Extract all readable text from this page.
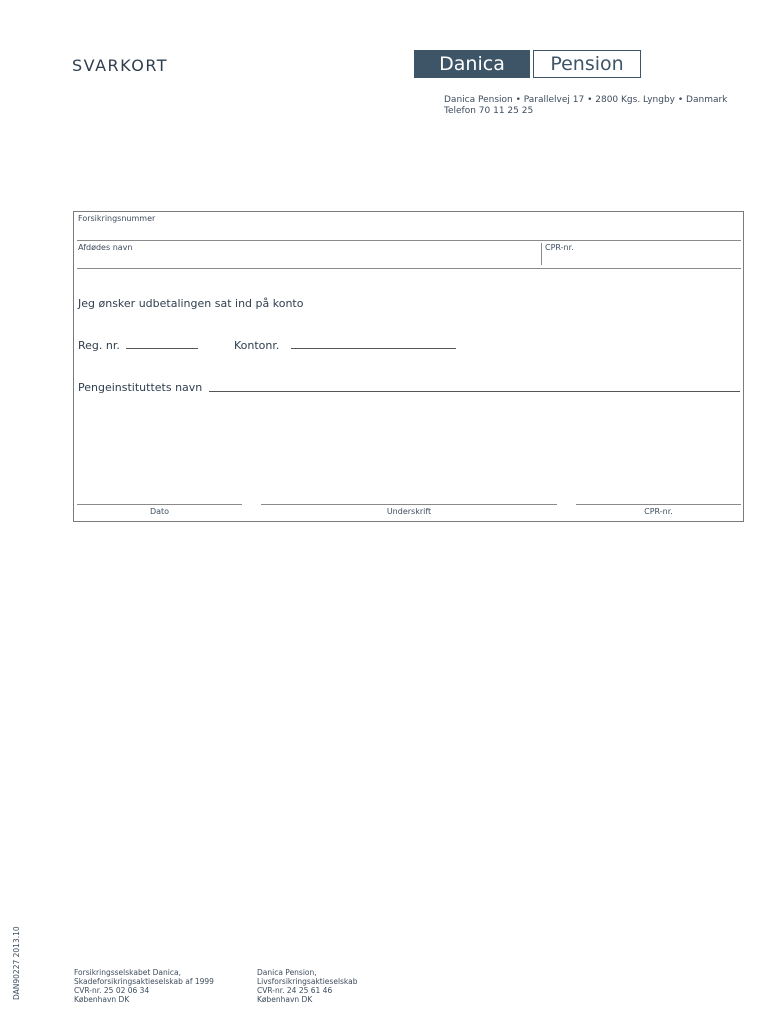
SVARKORT	Danica	Pension
Danica Pension • Parallelvej 17 • 2800 Kgs. Lyngby • Danmark
Telefon 70 11 25 25
Forsikringsnummer
Afdødes navn	CPR-nr.
Jeg ønsker udbetalingen sat ind på konto
Reg. nr.	Kontonr.
Pengeinstituttets navn
Dato	Underskrift	CPR-nr.
Forsikringsselskabet Danica,
Skadeforsikringsaktieselskab af 1999
CVR-nr. 25 02 06 34
København DK
Danica Pension,
Livsforsikringsaktieselskab
CVR-nr. 24 25 61 46
København DK
DAN90227 2013.10
